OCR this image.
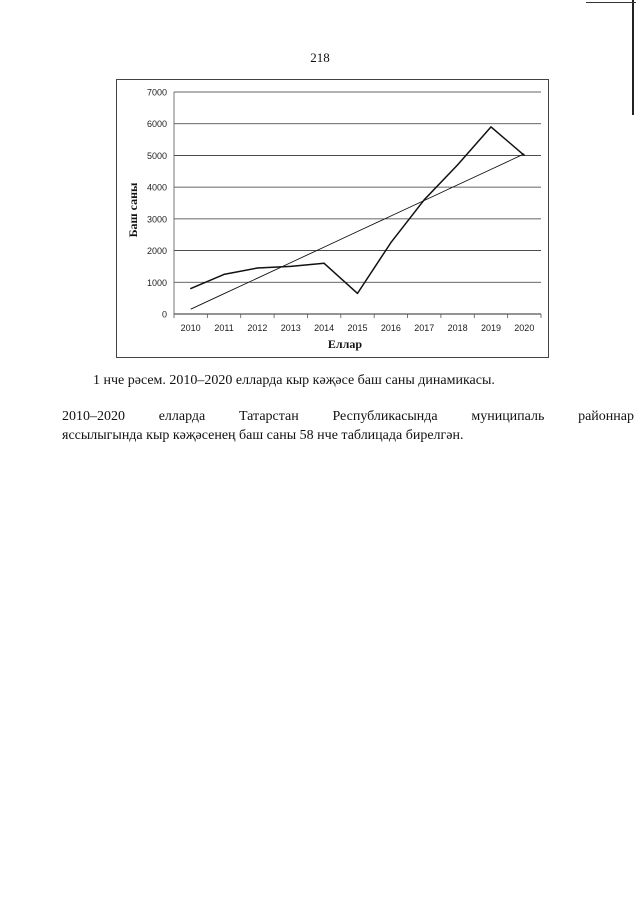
218
0
1000
2000
3000
4000
5000
6000
7000
2010 2011 2012 2013 2014 2015 2016 2017 2018 2019 2020
Еллар
Баш саны
1 нче рәсем. 2010–2020 елларда кыр кәҗәсе баш саны динамикасы.
2010–2020 елларда Татарстан Республикасында муниципаль районнар
яссылыгында кыр кәҗәсенең баш саны 58 нче таблицада бирелгән.
